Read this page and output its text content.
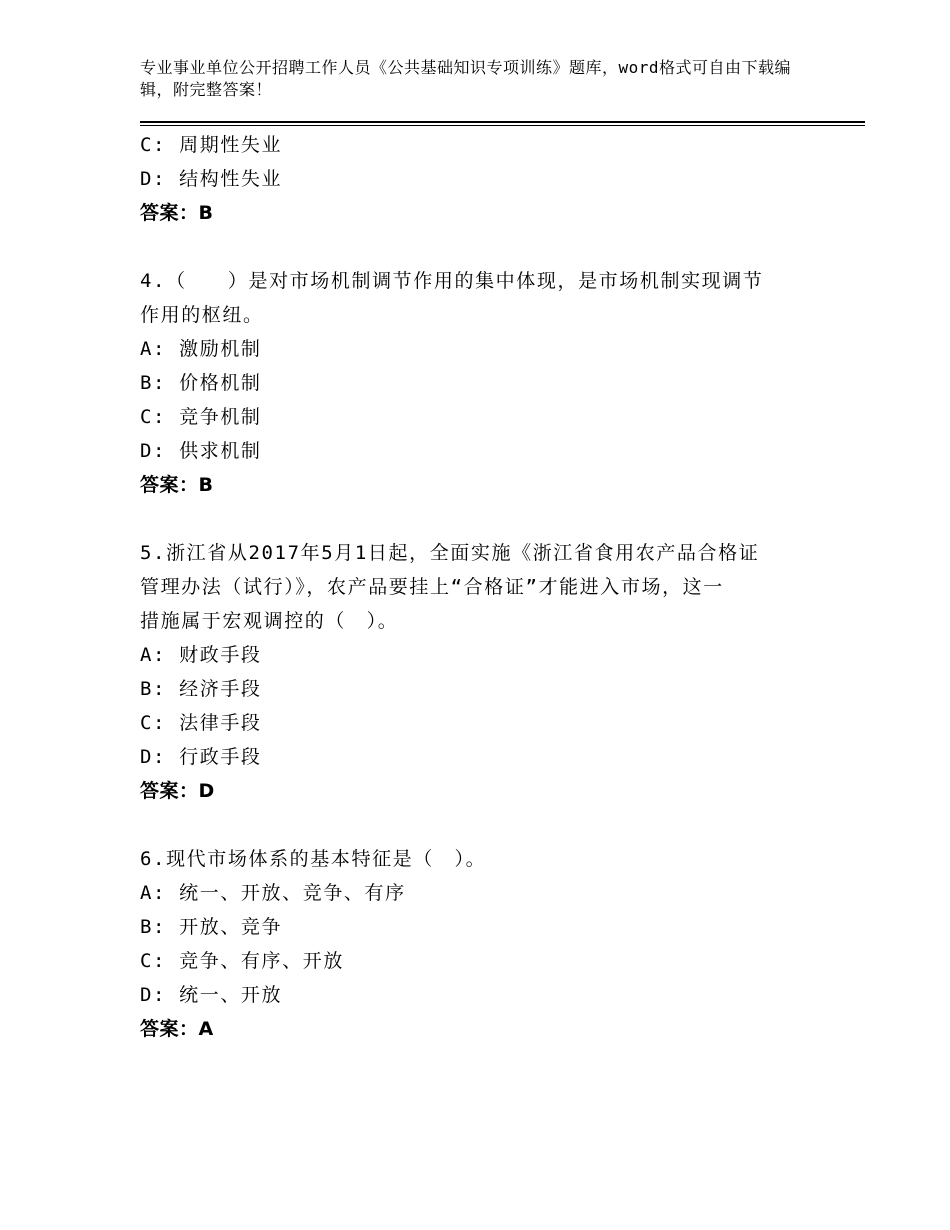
专业事业单位公开招聘工作人员《公共基础知识专项训练》题库，word格式可自由下载编辑，附完整答案！
C: 周期性失业
D: 结构性失业
答案：B
4.（　　）是对市场机制调节作用的集中体现，是市场机制实现调节
作用的枢纽。
A: 激励机制
B: 价格机制
C: 竞争机制
D: 供求机制
答案：B
5.浙江省从2017年5月1日起，全面实施《浙江省食用农产品合格证
管理办法（试行）》，农产品要挂上“合格证”才能进入市场，这一
措施属于宏观调控的（　）。
A: 财政手段
B: 经济手段
C: 法律手段
D: 行政手段
答案：D
6.现代市场体系的基本特征是（　）。
A: 统一、开放、竞争、有序
B: 开放、竞争
C: 竞争、有序、开放
D: 统一、开放
答案：A
